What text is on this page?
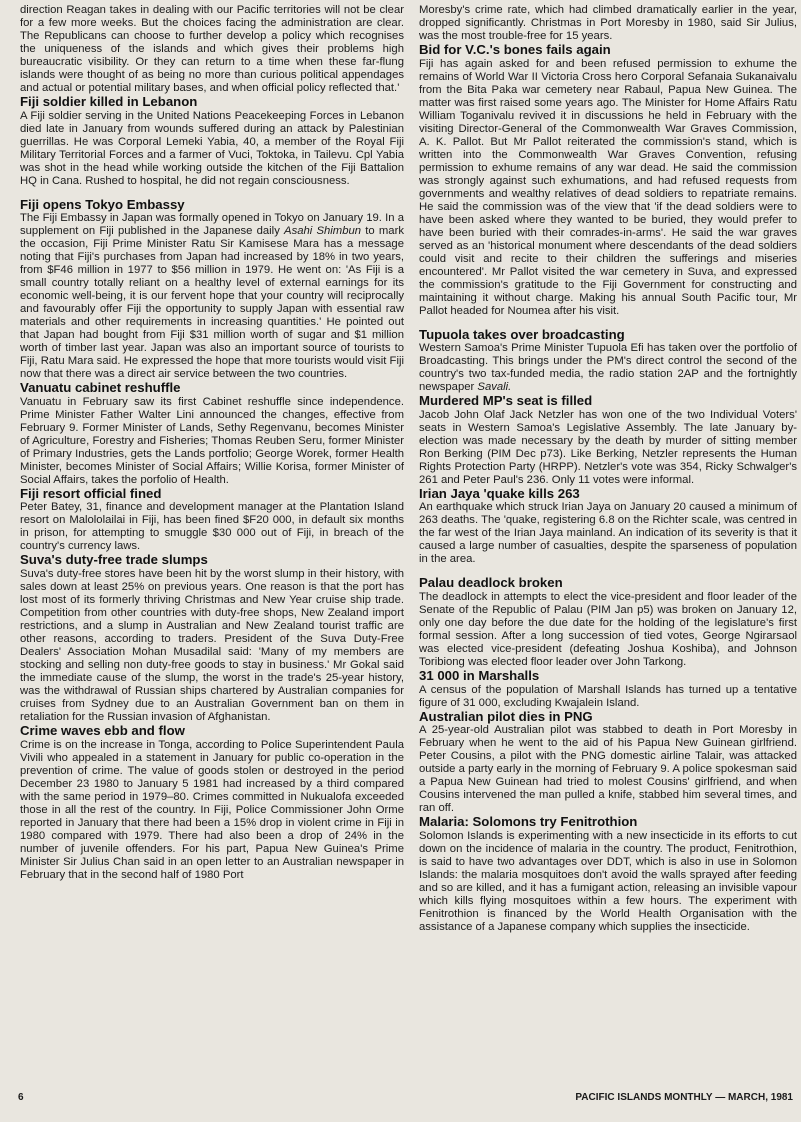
direction Reagan takes in dealing with our Pacific territories will not be clear for a few more weeks. But the choices facing the administration are clear. The Republicans can choose to further develop a policy which recognises the uniqueness of the islands and which gives their problems high bureaucratic visibility. Or they can return to a time when these far-flung islands were thought of as being no more than curious political appendages and actual or potential military bases, and when official policy reflected that.'

Fiji soldier killed in Lebanon

A Fiji soldier serving in the United Nations Peacekeeping Forces in Lebanon died late in January from wounds suffered during an attack by Palestinian guerrillas. He was Corporal Lemeki Yabia, 40, a member of the Royal Fiji Military Territorial Forces and a farmer of Vuci, Toktoka, in Tailevu. Cpl Yabia was shot in the head while working outside the kitchen of the Fiji Battalion HQ in Cana. Rushed to hospital, he did not regain consciousness.

Fiji opens Tokyo Embassy

The Fiji Embassy in Japan was formally opened in Tokyo on January 19. In a supplement on Fiji published in the Japanese daily Asahi Shimbun to mark the occasion, Fiji Prime Minister Ratu Sir Kamisese Mara has a message noting that Fiji's purchases from Japan had increased by 18% in two years, from $F46 million in 1977 to $56 million in 1979. He went on: 'As Fiji is a small country totally reliant on a healthy level of external earnings for its economic well-being, it is our fervent hope that your country will reciprocally and favourably offer Fiji the opportunity to supply Japan with essential raw materials and other requirements in increasing quantities.' He pointed out that Japan had bought from Fiji $31 million worth of sugar and $1 million worth of timber last year. Japan was also an important source of tourists to Fiji, Ratu Mara said. He expressed the hope that more tourists would visit Fiji now that there was a direct air service between the two countries.

Vanuatu cabinet reshuffle

Vanuatu in February saw its first Cabinet reshuffle since independence. Prime Minister Father Walter Lini announced the changes, effective from February 9. Former Minister of Lands, Sethy Regenvanu, becomes Minister of Agriculture, Forestry and Fisheries; Thomas Reuben Seru, former Minister of Primary Industries, gets the Lands portfolio; George Worek, former Health Minister, becomes Minister of Social Affairs; Willie Korisa, former Minister of Social Affairs, takes the porfolio of Health.

Fiji resort official fined

Peter Batey, 31, finance and development manager at the Plantation Island resort on Malololailai in Fiji, has been fined $F20 000, in default six months in prison, for attempting to smuggle $30 000 out of Fiji, in breach of the country's currency laws.

Suva's duty-free trade slumps

Suva's duty-free stores have been hit by the worst slump in their history, with sales down at least 25% on previous years. One reason is that the port has lost most of its formerly thriving Christmas and New Year cruise ship trade. Competition from other countries with duty-free shops, New Zealand import restrictions, and a slump in Australian and New Zealand tourist traffic are other reasons, according to traders. President of the Suva Duty-Free Dealers' Association Mohan Musadilal said: 'Many of my members are stocking and selling non duty-free goods to stay in business.' Mr Gokal said the immediate cause of the slump, the worst in the trade's 25-year history, was the withdrawal of Russian ships chartered by Australian companies for cruises from Sydney due to an Australian Government ban on them in retaliation for the Russian invasion of Afghanistan.

Crime waves ebb and flow

Crime is on the increase in Tonga, according to Police Superintendent Paula Vivili who appealed in a statement in January for public co-operation in the prevention of crime. The value of goods stolen or destroyed in the period December 23 1980 to January 5 1981 had increased by a third compared with the same period in 1979–80. Crimes committed in Nukualofa exceeded those in all the rest of the country. In Fiji, Police Commissioner John Orme reported in January that there had been a 15% drop in violent crime in Fiji in 1980 compared with 1979. There had also been a drop of 24% in the number of juvenile offenders. For his part, Papua New Guinea's Prime Minister Sir Julius Chan said in an open letter to an Australian newspaper in February that in the second half of 1980 Port

Moresby's crime rate, which had climbed dramatically earlier in the year, dropped significantly. Christmas in Port Moresby in 1980, said Sir Julius, was the most trouble-free for 15 years.

Bid for V.C.'s bones fails again

Fiji has again asked for and been refused permission to exhume the remains of World War II Victoria Cross hero Corporal Sefanaia Sukanaivalu from the Bita Paka war cemetery near Rabaul, Papua New Guinea. The matter was first raised some years ago. The Minister for Home Affairs Ratu William Toganivalu revived it in discussions he held in February with the visiting Director-General of the Commonwealth War Graves Commission, A. K. Pallot. But Mr Pallot reiterated the commission's stand, which is written into the Commonwealth War Graves Convention, refusing permission to exhume remains of any war dead. He said the commission was strongly against such exhumations, and had refused requests from governments and wealthy relatives of dead soldiers to repatriate remains. He said the commission was of the view that 'if the dead soldiers were to have been asked where they wanted to be buried, they would prefer to have been buried with their comrades-in-arms'. He said the war graves served as an 'historical monument where descendants of the dead soldiers could visit and recite to their children the sufferings and miseries encountered'. Mr Pallot visited the war cemetery in Suva, and expressed the commission's gratitude to the Fiji Government for constructing and maintaining it without charge. Making his annual South Pacific tour, Mr Pallot headed for Noumea after his visit.

Tupuola takes over broadcasting

Western Samoa's Prime Minister Tupuola Efi has taken over the portfolio of Broadcasting. This brings under the PM's direct control the second of the country's two tax-funded media, the radio station 2AP and the fortnightly newspaper Savali.

Murdered MP's seat is filled

Jacob John Olaf Jack Netzler has won one of the two Individual Voters' seats in Western Samoa's Legislative Assembly. The late January by-election was made necessary by the death by murder of sitting member Ron Berking (PIM Dec p73). Like Berking, Netzler represents the Human Rights Protection Party (HRPP). Netzler's vote was 354, Ricky Schwalger's 261 and Peter Paul's 236. Only 11 votes were informal.

Irian Jaya 'quake kills 263

An earthquake which struck Irian Jaya on January 20 caused a minimum of 263 deaths. The 'quake, registering 6.8 on the Richter scale, was centred in the far west of the Irian Jaya mainland. An indication of its severity is that it caused a large number of casualties, despite the sparseness of population in the area.

Palau deadlock broken

The deadlock in attempts to elect the vice-president and floor leader of the Senate of the Republic of Palau (PIM Jan p5) was broken on January 12, only one day before the due date for the holding of the legislature's first formal session. After a long succession of tied votes, George Ngirarsaol was elected vice-president (defeating Joshua Koshiba), and Johnson Toribiong was elected floor leader over John Tarkong.

31 000 in Marshalls

A census of the population of Marshall Islands has turned up a tentative figure of 31 000, excluding Kwajalein Island.

Australian pilot dies in PNG

A 25-year-old Australian pilot was stabbed to death in Port Moresby in February when he went to the aid of his Papua New Guinean girlfriend. Peter Cousins, a pilot with the PNG domestic airline Talair, was attacked outside a party early in the morning of February 9. A police spokesman said a Papua New Guinean had tried to molest Cousins' girlfriend, and when Cousins intervened the man pulled a knife, stabbed him several times, and ran off.

Malaria: Solomons try Fenitrothion

Solomon Islands is experimenting with a new insecticide in its efforts to cut down on the incidence of malaria in the country. The product, Fenitrothion, is said to have two advantages over DDT, which is also in use in Solomon Islands: the malaria mosquitoes don't avoid the walls sprayed after feeding and so are killed, and it has a fumigant action, releasing an invisible vapour which kills flying mosquitoes within a few hours. The experiment with Fenitrothion is financed by the World Health Organisation with the assistance of a Japanese company which supplies the insecticide.

6	PACIFIC ISLANDS MONTHLY — MARCH, 1981
